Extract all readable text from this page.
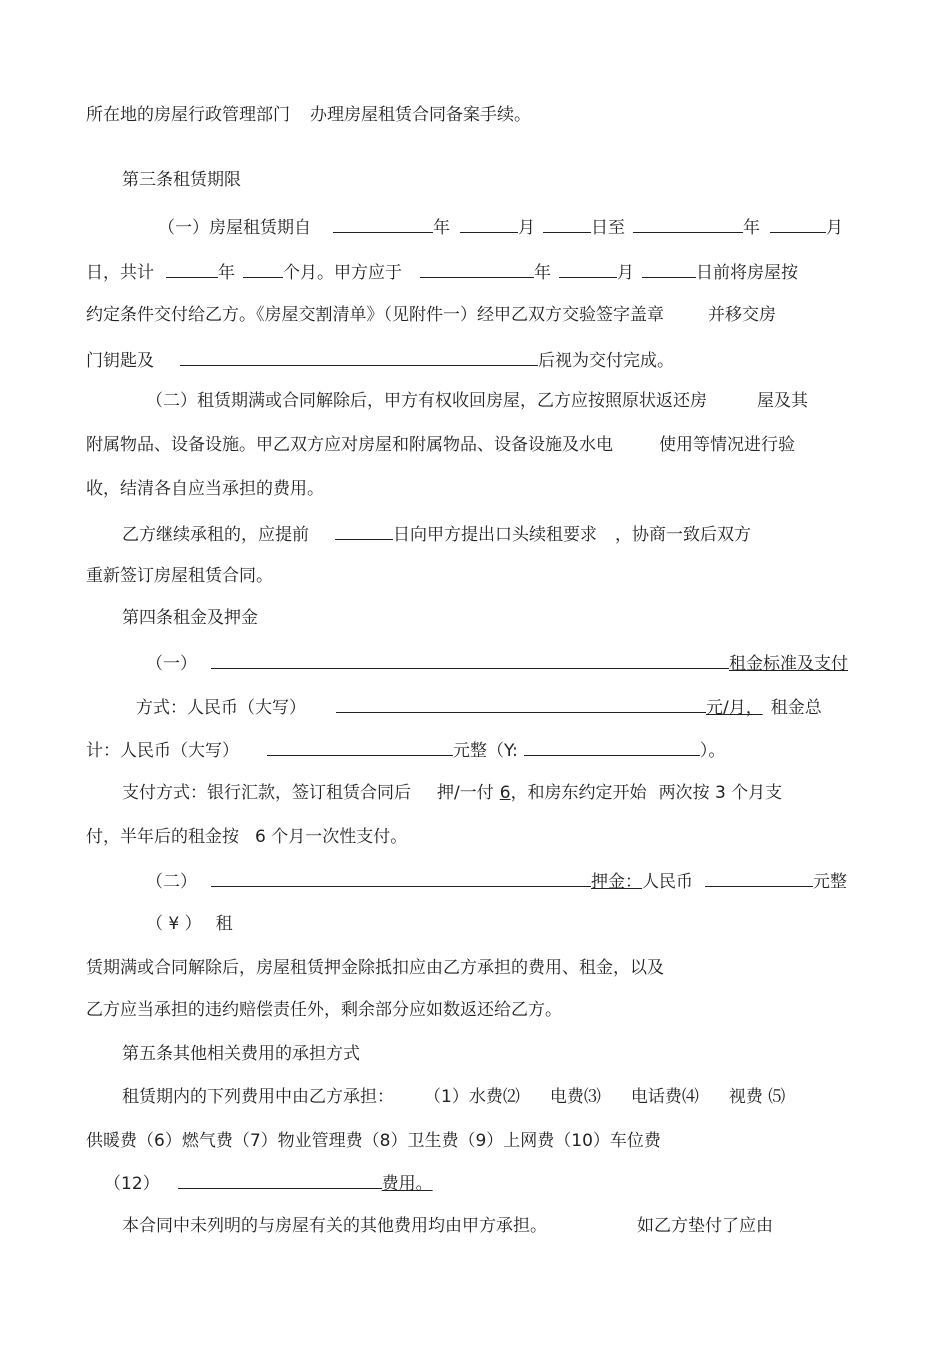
所在地的房屋行政管理部门 办理房屋租赁合同备案手续。
第三条租赁期限
（一）房屋租赁期自	年	月	日至	年	月
日，共计	年	个月。甲方应于	年	月	日前将房屋按
约定条件交付给乙方。《房屋交割清单》（见附件一）经甲乙双方交验签字盖章	并移交房
门钥匙及	后视为交付完成。
（二）租赁期满或合同解除后，甲方有权收回房屋，乙方应按照原状返还房	屋及其
附属物品、设备设施。甲乙双方应对房屋和附属物品、设备设施及水电	使用等情况进行验
收，结清各自应当承担的费用。
乙方继续承租的，应提前	日向甲方提出口头续租要求 ，协商一致后双方
重新签订房屋租赁合同。
第四条租金及押金
（一）	租金标准及支付
方式：人民币（大写）	元/月， 租金总
计：人民币（大写）	元整（Y:	）。
支付方式：银行汇款，签订租赁合同后 押/一付 6，和房东约定开始 两次按 3 个月支
付，半年后的租金按 6 个月一次性支付。
（二）	押金：人民币	元整
（ ¥ ） 租
赁期满或合同解除后，房屋租赁押金除抵扣应由乙方承担的费用、租金，以及
乙方应当承担的违约赔偿责任外，剩余部分应如数返还给乙方。
第五条其他相关费用的承担方式
租赁期内的下列费用中由乙方承担： （1）水费⑵ 电费⑶ 电话费⑷ 视费 ⑸
供暖费（6）燃气费（7）物业管理费（8）卫生费（9）上网费（10）车位费
（12）	费用。
本合同中未列明的与房屋有关的其他费用均由甲方承担。	如乙方垫付了应由
